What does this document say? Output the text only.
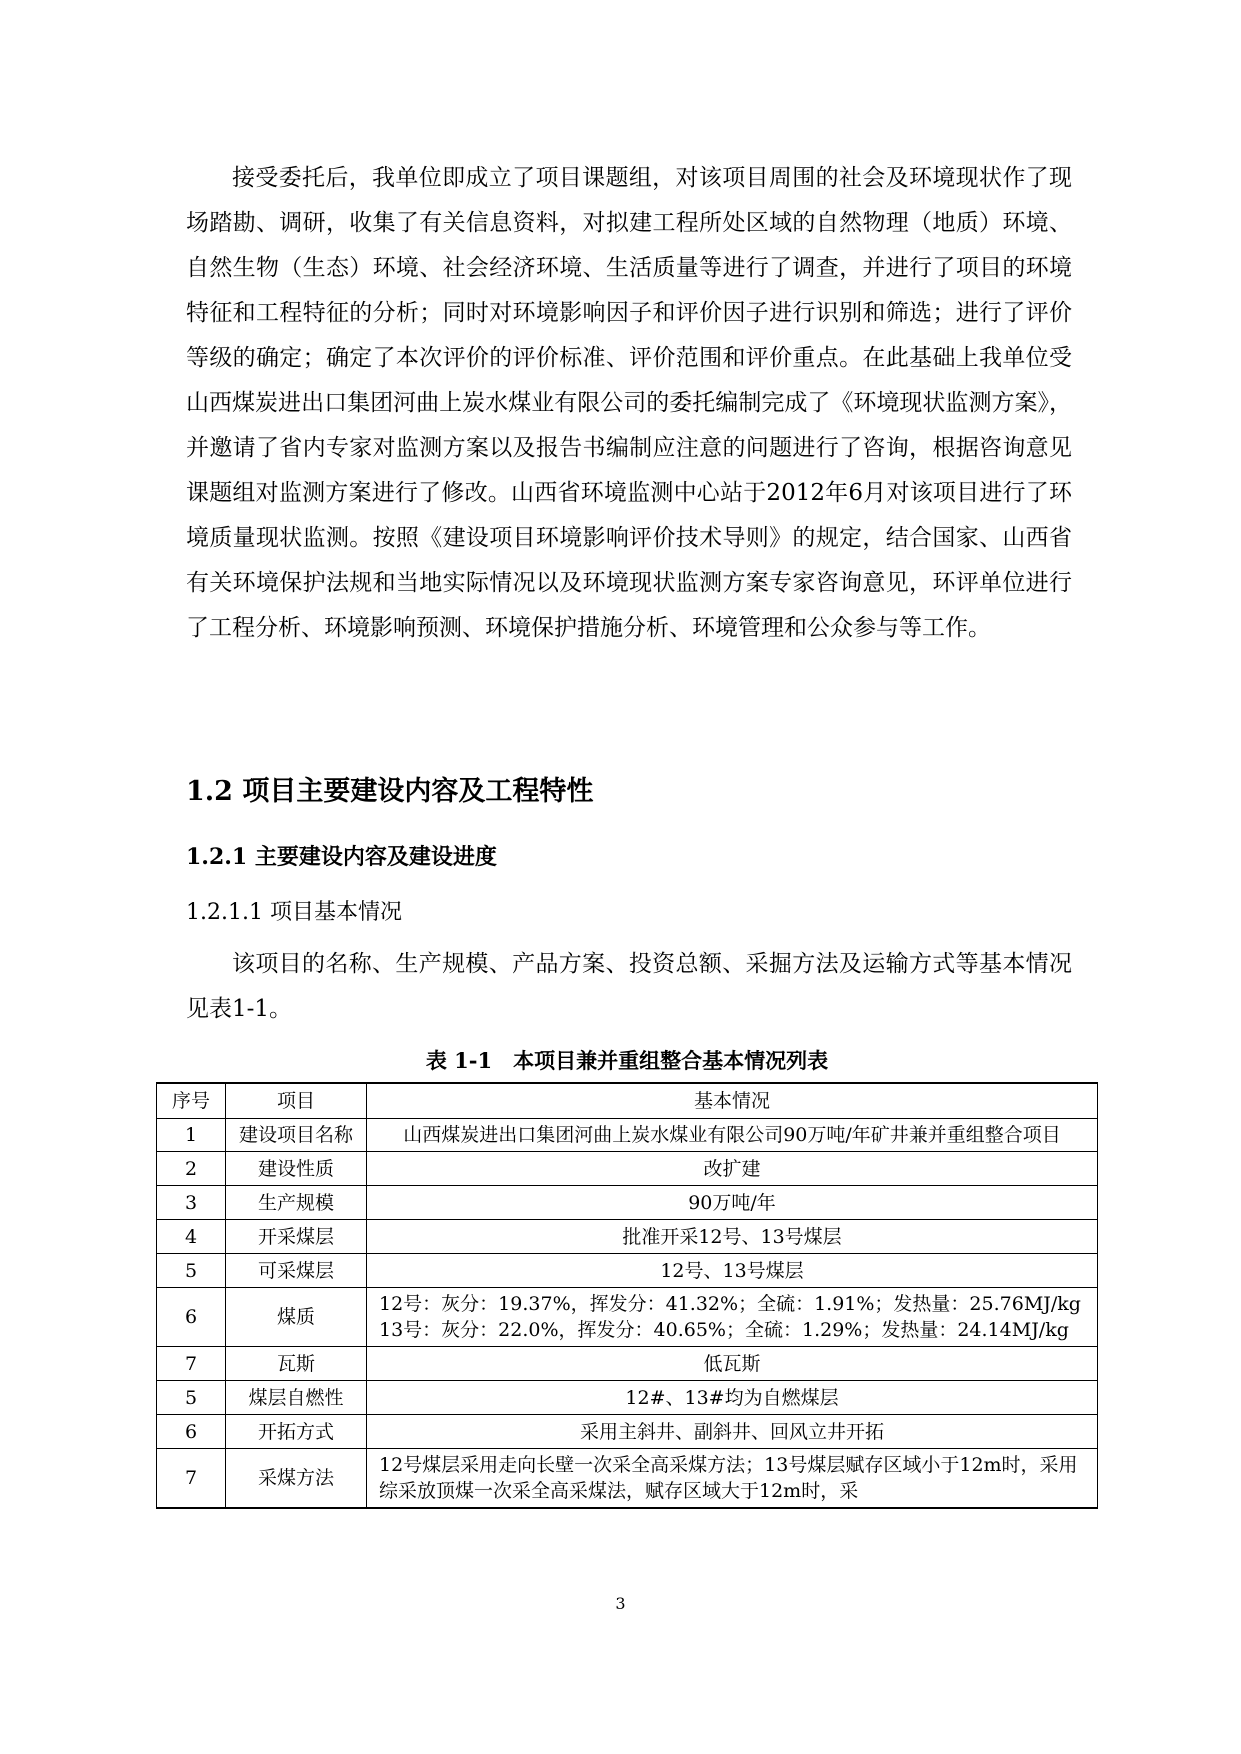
接受委托后，我单位即成立了项目课题组，对该项目周围的社会及环境现状作了现场踏勘、调研，收集了有关信息资料，对拟建工程所处区域的自然物理（地质）环境、自然生物（生态）环境、社会经济环境、生活质量等进行了调查，并进行了项目的环境特征和工程特征的分析；同时对环境影响因子和评价因子进行识别和筛选；进行了评价等级的确定；确定了本次评价的评价标准、评价范围和评价重点。在此基础上我单位受山西煤炭进出口集团河曲上炭水煤业有限公司的委托编制完成了《环境现状监测方案》，并邀请了省内专家对监测方案以及报告书编制应注意的问题进行了咨询，根据咨询意见课题组对监测方案进行了修改。山西省环境监测中心站于2012年6月对该项目进行了环境质量现状监测。按照《建设项目环境影响评价技术导则》的规定，结合国家、山西省有关环境保护法规和当地实际情况以及环境现状监测方案专家咨询意见，环评单位进行了工程分析、环境影响预测、环境保护措施分析、环境管理和公众参与等工作。

1.2 项目主要建设内容及工程特性
1.2.1 主要建设内容及建设进度
1.2.1.1 项目基本情况

该项目的名称、生产规模、产品方案、投资总额、采掘方法及运输方式等基本情况见表1-1。

表 1-1　本项目兼并重组整合基本情况列表

序号	项目	基本情况
1	建设项目名称	山西煤炭进出口集团河曲上炭水煤业有限公司90万吨/年矿井兼并重组整合项目
2	建设性质	改扩建
3	生产规模	90万吨/年
4	开采煤层	批准开采12号、13号煤层
5	可采煤层	12号、13号煤层
6	煤质	12号：灰分：19.37%，挥发分：41.32%；全硫：1.91%；发热量：25.76MJ/kg
13号：灰分：22.0%，挥发分：40.65%；全硫：1.29%；发热量：24.14MJ/kg

7	瓦斯	低瓦斯
5	煤层自燃性	12#、13#均为自燃煤层
6	开拓方式	采用主斜井、副斜井、回风立井开拓
7	采煤方法	12号煤层采用走向长壁一次采全高采煤方法；13号煤层赋存区域小于12m时，采用综采放顶煤一次采全高采煤法，赋存区域大于12m时，采

3
